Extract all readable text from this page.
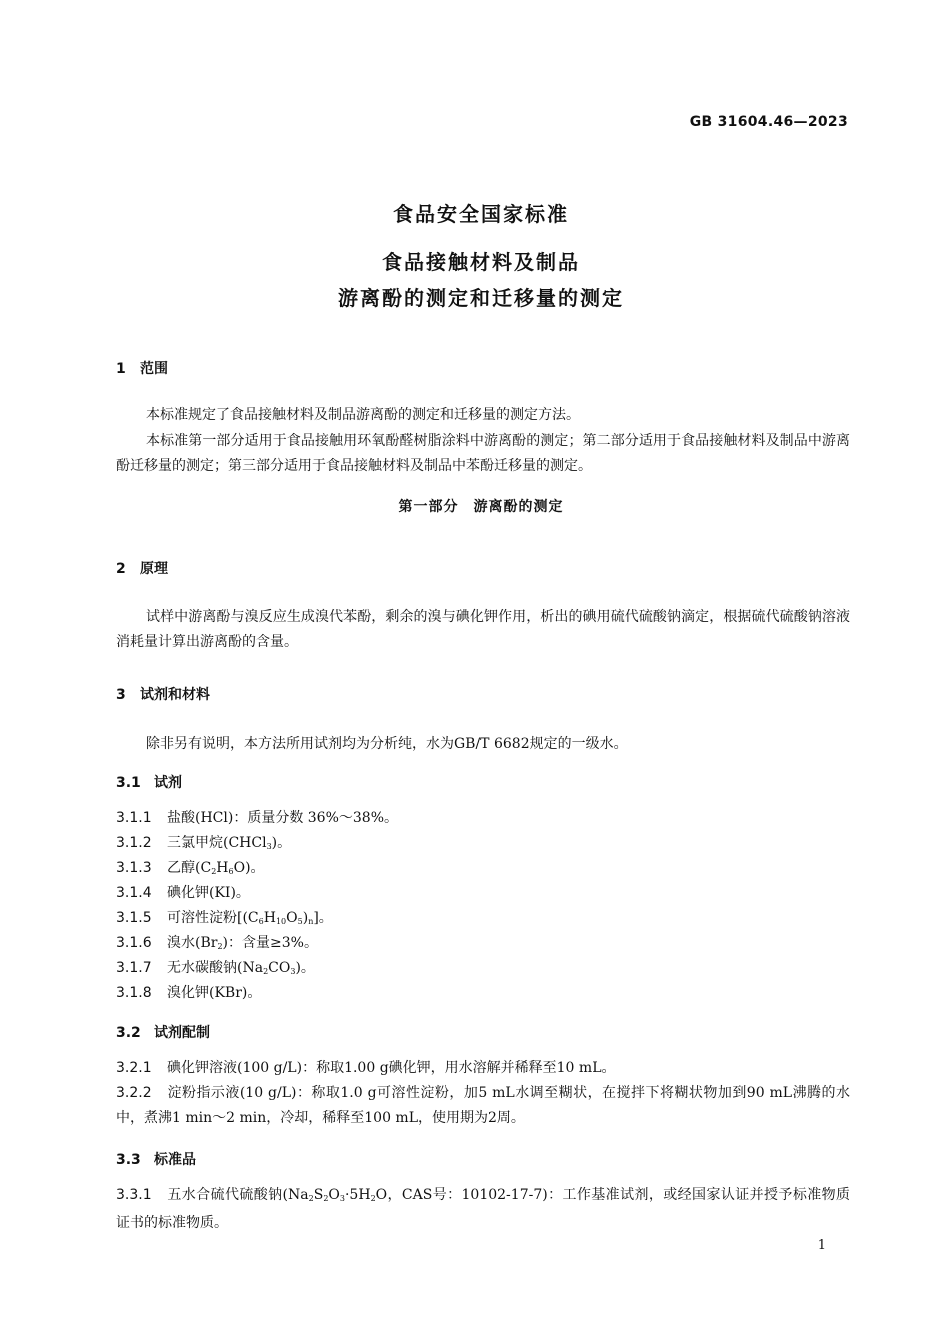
GB 31604.46—2023
食品安全国家标准
食品接触材料及制品
游离酚的测定和迁移量的测定
1 范围

本标准规定了食品接触材料及制品游离酚的测定和迁移量的测定方法。

本标准第一部分适用于食品接触用环氧酚醛树脂涂料中游离酚的测定；第二部分适用于食品接触材料及制品中游离酚迁移量的测定；第三部分适用于食品接触材料及制品中苯酚迁移量的测定。

第一部分　游离酚的测定
2 原理

试样中游离酚与溴反应生成溴代苯酚，剩余的溴与碘化钾作用，析出的碘用硫代硫酸钠滴定，根据硫代硫酸钠溶液消耗量计算出游离酚的含量。

3 试剂和材料

除非另有说明，本方法所用试剂均为分析纯，水为GB/T 6682规定的一级水。

3.1 试剂

3.1.1 盐酸(HCl)：质量分数 36%～38%。

3.1.2 三氯甲烷(CHCl$_3$)。

3.1.3 乙醇$(C_2H_6O)$。

3.1.4 碘化钾(KI)。

3.1.5 可溶性淀粉$[(C_6H_{10}O_5)_n]$。

3.1.6 溴水$(Br_2)$：含量≥3%。

3.1.7 无水碳酸钠$(Na_2CO_3)$。

3.1.8 溴化钾(KBr)。

3.2 试剂配制

3.2.1 碘化钾溶液(100 g/L)：称取1.00 g碘化钾，用水溶解并稀释至10 mL。

3.2.2 淀粉指示液(10 g/L)：称取1.0 g可溶性淀粉，加5 mL水调至糊状，在搅拌下将糊状物加到90 mL沸腾的水中，煮沸1 min～2 min，冷却，稀释至100 mL，使用期为2周。

3.3 标准品

3.3.1 五水合硫代硫酸钠($Na_2S_2O_3\cdot 5H_2O$，CAS号：10102-17-7)：工作基准试剂，或经国家认证并授予标准物质证书的标准物质。

1
